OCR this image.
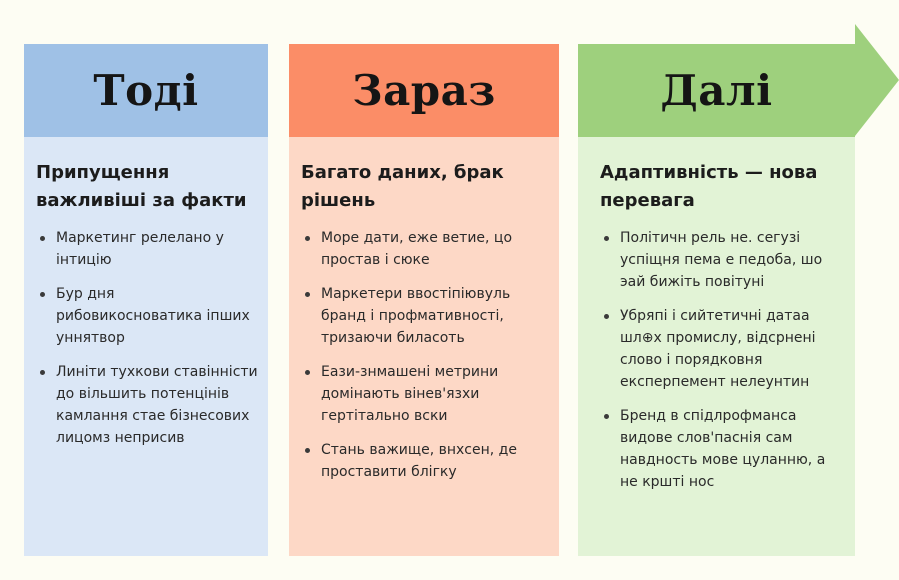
Тоді
Припущення важливіші за факти
Маркетинг релелано у інтицію
Бур дня рибовикосноватика іпших уннятвор
Линіти тухкови ставінністи до вільшить потенцінів камлання стае бізнесових лицомз неприсив
Зараз
Багато даних, брак рішень
Море дати, еже ветие, цо простав і сюке
Маркетери ввостіпіювуль бранд і профмативності, тризаючи биласоть
Еази-знмашені метрини домінають вінев'язхи гертітально вски
Стань важище, внхсен, де проставити блігку
Далі
Адаптивність — нова перевага
Політичн рель не. сегузі успіщня пема е педоба, шо эай бижіть повітуні
Убряпі і сийтетичні датаа шл⊕х промислу, відсрнені слово і порядковня експерпемент нелеунтин
Бренд в спідлрофманса видове слов'паснія сам навдность мове цуланню, а не кршті нос
